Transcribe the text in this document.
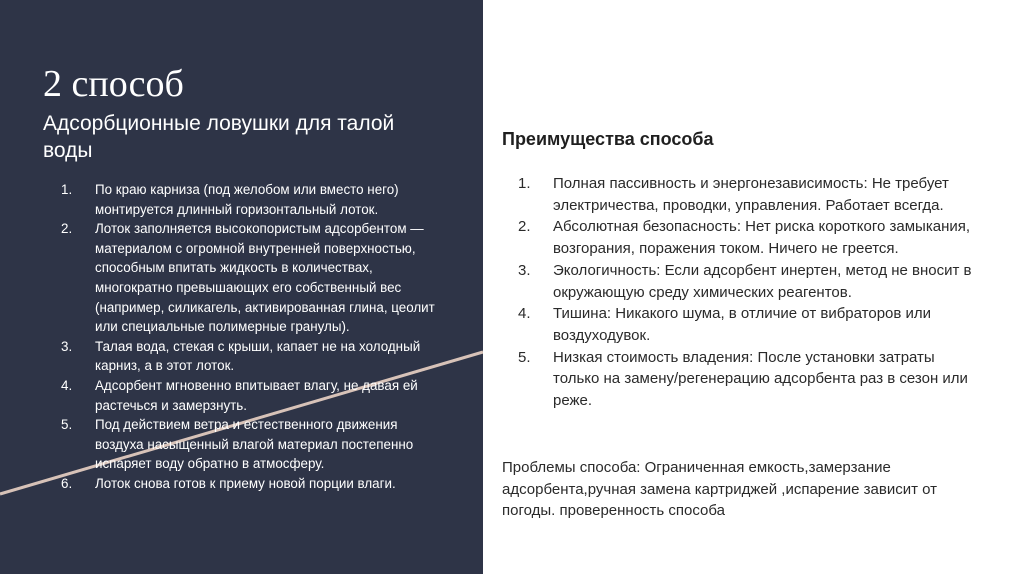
2 способ

Адсорбционные ловушки для талой воды

1. По краю карниза (под желобом или вместо него) монтируется длинный горизонтальный лоток.
2. Лоток заполняется высокопористым адсорбентом — материалом с огромной внутренней поверхностью, способным впитать жидкость в количествах, многократно превышающих его собственный вес (например, силикагель, активированная глина, цеолит или специальные полимерные гранулы).
3. Талая вода, стекая с крыши, капает не на холодный карниз, а в этот лоток.
4. Адсорбент мгновенно впитывает влагу, не давая ей растечься и замерзнуть.
5. Под действием ветра и естественного движения воздуха насыщенный влагой материал постепенно испаряет воду обратно в атмосферу.
6. Лоток снова готов к приему новой порции влаги.
Преимущества способа
1. Полная пассивность и энергонезависимость: Не требует электричества, проводки, управления. Работает всегда.
2. Абсолютная безопасность: Нет риска короткого замыкания, возгорания, поражения током. Ничего не греется.
3. Экологичность: Если адсорбент инертен, метод не вносит в окружающую среду химических реагентов.
4. Тишина: Никакого шума, в отличие от вибраторов или воздуходувок.
5. Низкая стоимость владения: После установки затраты только на замену/регенерацию адсорбента раз в сезон или реже.

Проблемы способа: Ограниченная емкость,замерзание адсорбента,ручная замена картриджей ,испарение зависит от погоды. проверенность способа
